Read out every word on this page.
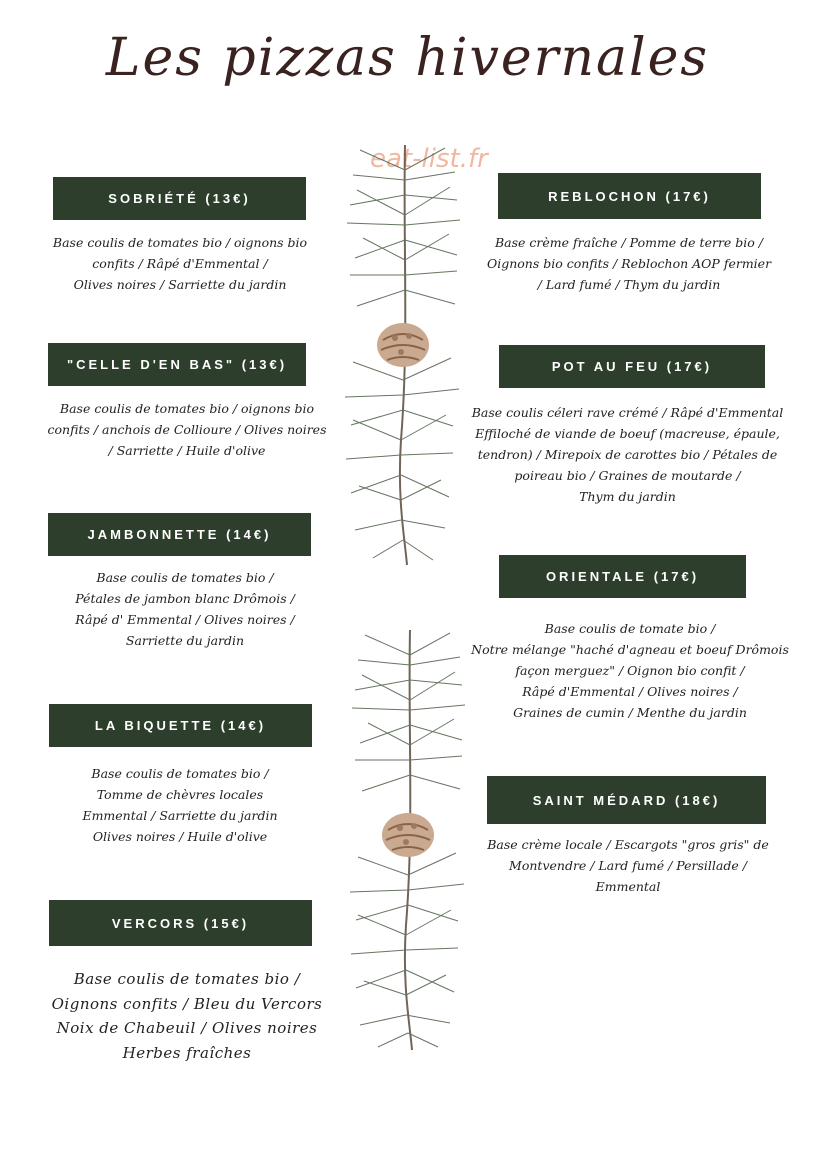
Les pizzas hivernales
eat-list.fr
SOBRIÉTÉ (13€)
Base coulis de tomates bio / oignons bio
confits / Râpé d'Emmental /
Olives noires / Sarriette du jardin
"CELLE D'EN BAS" (13€)
Base coulis de tomates bio / oignons bio
confits / anchois de Collioure / Olives noires
/ Sarriette / Huile d'olive
JAMBONNETTE (14€)
Base coulis de tomates bio /
Pétales de jambon blanc Drômois /
Râpé d' Emmental / Olives noires /
Sarriette du jardin
LA BIQUETTE (14€)
Base coulis de tomates bio /
Tomme de chèvres locales
Emmental / Sarriette du jardin
Olives noires / Huile d'olive
VERCORS (15€)
Base coulis de tomates bio /
Oignons confits / Bleu du Vercors
Noix de Chabeuil / Olives noires
Herbes fraîches
REBLOCHON (17€)
Base crème fraîche / Pomme de terre bio /
Oignons bio confits / Reblochon AOP fermier
/ Lard fumé / Thym du jardin
POT AU FEU (17€)
Base coulis céleri rave crémé / Râpé d'Emmental
Effiloché de viande de boeuf (macreuse, épaule,
tendron) / Mirepoix de carottes bio / Pétales de
poireau bio / Graines de moutarde /
Thym du jardin
ORIENTALE (17€)
Base coulis de tomate bio /
Notre mélange "haché d'agneau et boeuf Drômois
façon merguez" / Oignon bio confit /
Râpé d'Emmental / Olives noires /
Graines de cumin / Menthe du jardin
SAINT MÉDARD (18€)
Base crème locale / Escargots "gros gris" de
Montvendre / Lard fumé / Persillade /
Emmental
